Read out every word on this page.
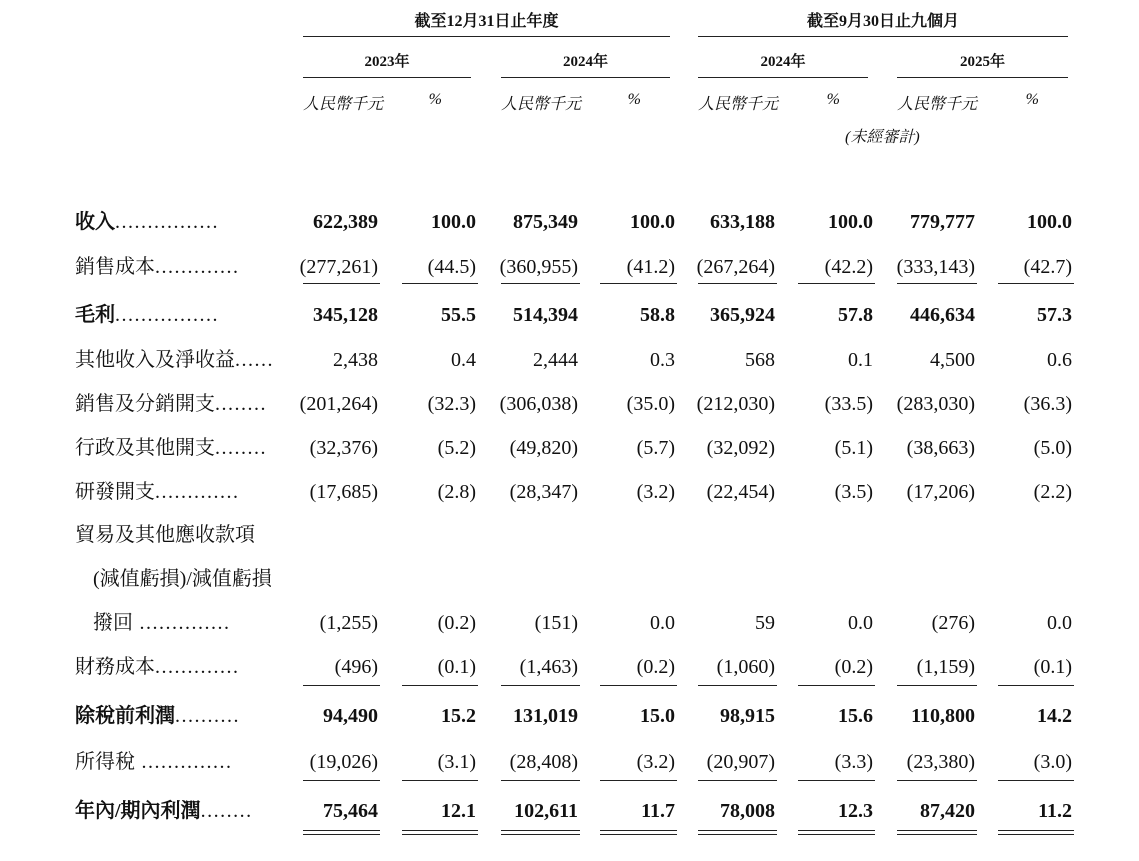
截至12月31日止年度	截至9月30日止九個月
2023年	2024年	2024年	2025年
人民幣千元	%	人民幣千元	%	人民幣千元	%	人民幣千元	%
(未經審計)
收入................	622,389	100.0	875,349	100.0	633,188	100.0	779,777	100.0
銷售成本.............	(277,261)	(44.5)	(360,955)	(41.2)	(267,264)	(42.2)	(333,143)	(42.7)
毛利................	345,128	55.5	514,394	58.8	365,924	57.8	446,634	57.3
其他收入及淨收益......	2,438	0.4	2,444	0.3	568	0.1	4,500	0.6
銷售及分銷開支........	(201,264)	(32.3)	(306,038)	(35.0)	(212,030)	(33.5)	(283,030)	(36.3)
行政及其他開支........	(32,376)	(5.2)	(49,820)	(5.7)	(32,092)	(5.1)	(38,663)	(5.0)
研發開支.............	(17,685)	(2.8)	(28,347)	(3.2)	(22,454)	(3.5)	(17,206)	(2.2)
貿易及其他應收款項
(減值虧損)/減值虧損
撥回 ..............	(1,255)	(0.2)	(151)	0.0	59	0.0	(276)	0.0
財務成本.............	(496)	(0.1)	(1,463)	(0.2)	(1,060)	(0.2)	(1,159)	(0.1)
除稅前利潤..........	94,490	15.2	131,019	15.0	98,915	15.6	110,800	14.2
所得稅 ..............	(19,026)	(3.1)	(28,408)	(3.2)	(20,907)	(3.3)	(23,380)	(3.0)
年內/期內利潤........	75,464	12.1	102,611	11.7	78,008	12.3	87,420	11.2
